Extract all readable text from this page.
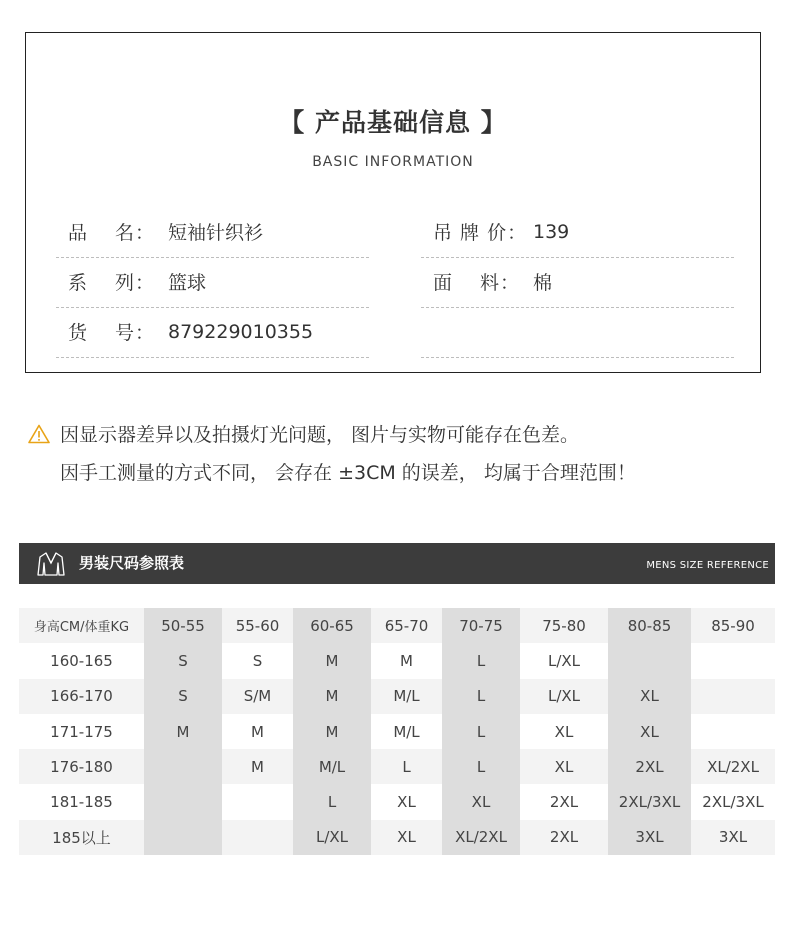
【 产品基础信息 】
BASIC INFORMATION
品　 名： 短袖针织衫
系　 列： 篮球
货　 号： 879229010355
吊 牌 价： 139
面　 料： 棉
因显示器差异以及拍摄灯光问题， 图片与实物可能存在色差。
因手工测量的方式不同， 会存在 ±3CM 的误差， 均属于合理范围！
男装尺码参照表	MENS SIZE REFERENCE
身高CM/体重KG	50-55	55-60	60-65	65-70	70-75	75-80	80-85	85-90
160-165	S	S	M	M	L	L/XL		
166-170	S	S/M	M	M/L	L	L/XL	XL	
171-175	M	M	M	M/L	L	XL	XL	
176-180		M	M/L	L	L	XL	2XL	XL/2XL
181-185			L	XL	XL	2XL	2XL/3XL	2XL/3XL
185以上			L/XL	XL	XL/2XL	2XL	3XL	3XL
